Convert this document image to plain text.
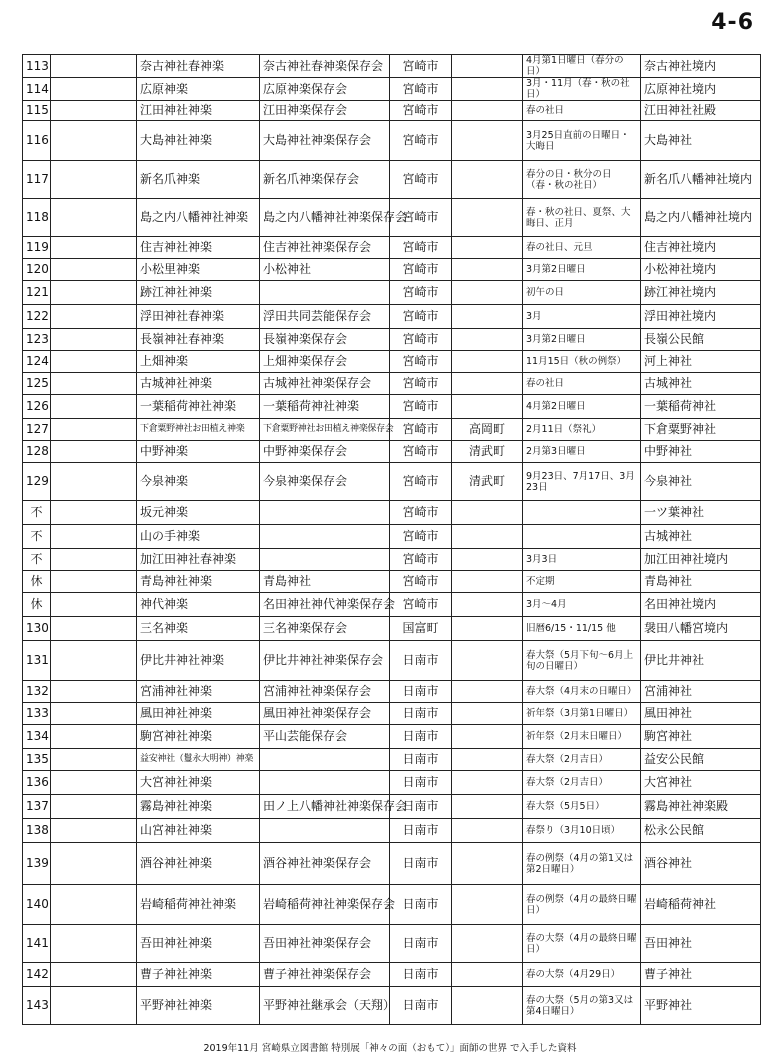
4-6
113		奈古神社春神楽	奈古神社春神楽保存会	宮崎市		4月第1日曜日（春分の日）	奈古神社境内
114		広原神楽	広原神楽保存会	宮崎市		3月・11月（春・秋の社日）	広原神社境内
115		江田神社神楽	江田神楽保存会	宮崎市		春の社日	江田神社社殿
116		大島神社神楽	大島神社神楽保存会	宮崎市		3月25日直前の日曜日・大晦日	大島神社
117		新名爪神楽	新名爪神楽保存会	宮崎市		春分の日・秋分の日（春・秋の社日）	新名爪八幡神社境内
118		島之内八幡神社神楽	島之内八幡神社神楽保存会	宮崎市		春・秋の社日、夏祭、大晦日、正月	島之内八幡神社境内
119		住吉神社神楽	住吉神社神楽保存会	宮崎市		春の社日、元旦	住吉神社境内
120		小松里神楽	小松神社	宮崎市		3月第2日曜日	小松神社境内
121		跡江神社神楽		宮崎市		初午の日	跡江神社境内
122		浮田神社春神楽	浮田共同芸能保存会	宮崎市		3月	浮田神社境内
123		長嶺神社春神楽	長嶺神楽保存会	宮崎市		3月第2日曜日	長嶺公民館
124		上畑神楽	上畑神楽保存会	宮崎市		11月15日（秋の例祭）	河上神社
125		古城神社神楽	古城神社神楽保存会	宮崎市		春の社日	古城神社
126		一葉稲荷神社神楽	一葉稲荷神社神楽	宮崎市		4月第2日曜日	一葉稲荷神社
127		下倉粟野神社お田植え神楽	下倉粟野神社お田植え神楽保存会	宮崎市	高岡町	2月11日（祭礼）	下倉粟野神社
128		中野神楽	中野神楽保存会	宮崎市	清武町	2月第3日曜日	中野神社
129		今泉神楽	今泉神楽保存会	宮崎市	清武町	9月23日、7月17日、3月23日	今泉神社
不		坂元神楽		宮崎市			一ツ葉神社
不		山の手神楽		宮崎市			古城神社
不		加江田神社春神楽		宮崎市		3月3日	加江田神社境内
休		青島神社神楽	青島神社	宮崎市		不定期	青島神社
休		神代神楽	名田神社神代神楽保存会	宮崎市		3月～4月	名田神社境内
130		三名神楽	三名神楽保存会	国富町		旧暦6/15・11/15 他	袰田八幡宮境内
131		伊比井神社神楽	伊比井神社神楽保存会	日南市		春大祭（5月下旬～6月上旬の日曜日）	伊比井神社
132		宮浦神社神楽	宮浦神社神楽保存会	日南市		春大祭（4月末の日曜日）	宮浦神社
133		風田神社神楽	風田神社神楽保存会	日南市		祈年祭（3月第1日曜日）	風田神社
134		駒宮神社神楽	平山芸能保存会	日南市		祈年祭（2月末日曜日）	駒宮神社
135		益安神社（鬘永大明神）神楽		日南市		春大祭（2月吉日）	益安公民館
136		大宮神社神楽		日南市		春大祭（2月吉日）	大宮神社
137		霧島神社神楽	田ノ上八幡神社神楽保存会	日南市		春大祭（5月5日）	霧島神社神楽殿
138		山宮神社神楽		日南市		春祭り（3月10日頃）	松永公民館
139		酒谷神社神楽	酒谷神社神楽保存会	日南市		春の例祭（4月の第1又は第2日曜日）	酒谷神社
140		岩崎稲荷神社神楽	岩崎稲荷神社神楽保存会	日南市		春の例祭（4月の最終日曜日）	岩崎稲荷神社
141		吾田神社神楽	吾田神社神楽保存会	日南市		春の大祭（4月の最終日曜日）	吾田神社
142		曹子神社神楽	曹子神社神楽保存会	日南市		春の大祭（4月29日）	曹子神社
143		平野神社神楽	平野神社継承会（天翔）	日南市		春の大祭（5月の第3又は第4日曜日）	平野神社
2019年11月 宮崎県立図書館 特別展「神々の面（おもて）」面師の世界 で入手した資料
